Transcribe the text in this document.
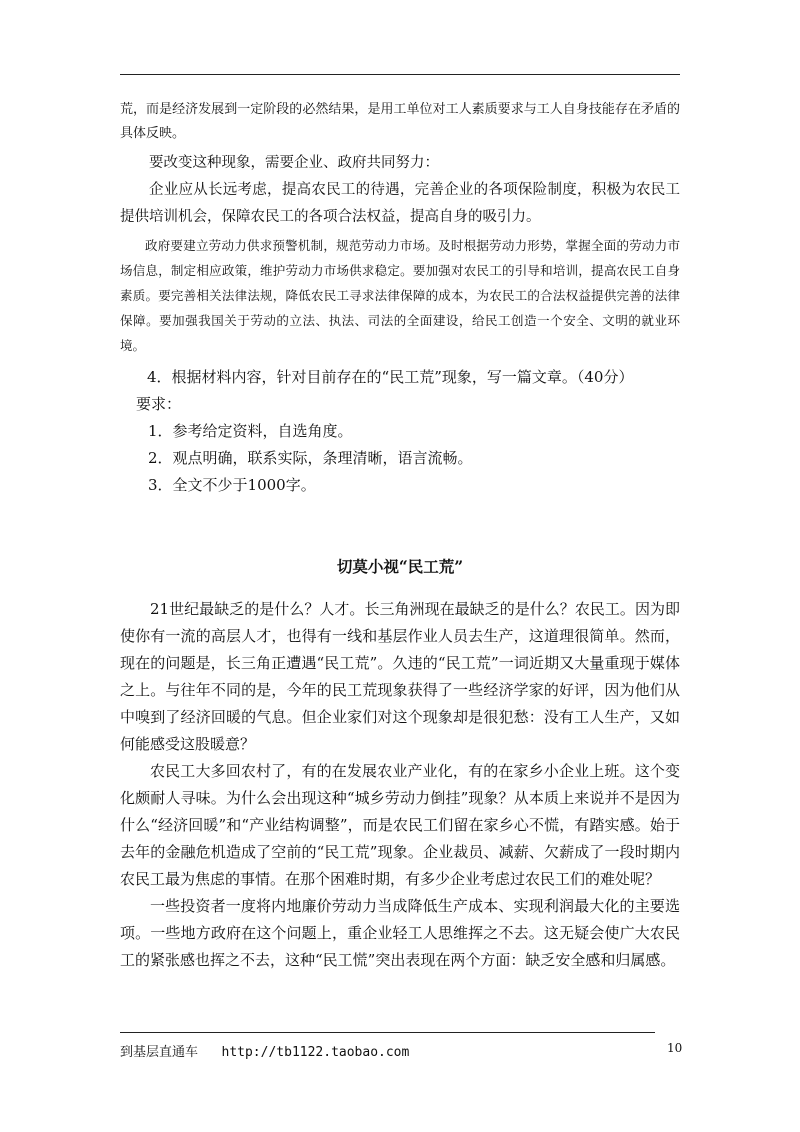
荒，而是经济发展到一定阶段的必然结果，是用工单位对工人素质要求与工人自身技能存在矛盾的具体反映。

要改变这种现象，需要企业、政府共同努力：

企业应从长远考虑，提高农民工的待遇，完善企业的各项保险制度，积极为农民工提供培训机会，保障农民工的各项合法权益，提高自身的吸引力。

政府要建立劳动力供求预警机制，规范劳动力市场。及时根据劳动力形势，掌握全面的劳动力市场信息，制定相应政策，维护劳动力市场供求稳定。要加强对农民工的引导和培训，提高农民工自身素质。要完善相关法律法规，降低农民工寻求法律保障的成本，为农民工的合法权益提供完善的法律保障。要加强我国关于劳动的立法、执法、司法的全面建设，给民工创造一个安全、文明的就业环境。

4．根据材料内容，针对目前存在的“民工荒”现象，写一篇文章。（40分）

要求：

1．参考给定资料，自选角度。

2．观点明确，联系实际，条理清晰，语言流畅。

3．全文不少于1000字。

切莫小视“民工荒”

21世纪最缺乏的是什么？人才。长三角洲现在最缺乏的是什么？农民工。因为即使你有一流的高层人才，也得有一线和基层作业人员去生产，这道理很简单。然而，现在的问题是，长三角正遭遇“民工荒”。久违的“民工荒”一词近期又大量重现于媒体之上。与往年不同的是，今年的民工荒现象获得了一些经济学家的好评，因为他们从中嗅到了经济回暖的气息。但企业家们对这个现象却是很犯愁：没有工人生产，又如何能感受这股暖意？

农民工大多回农村了，有的在发展农业产业化，有的在家乡小企业上班。这个变化颇耐人寻味。为什么会出现这种“城乡劳动力倒挂”现象？从本质上来说并不是因为什么“经济回暖”和“产业结构调整”，而是农民工们留在家乡心不慌，有踏实感。始于去年的金融危机造成了空前的“民工荒”现象。企业裁员、减薪、欠薪成了一段时期内农民工最为焦虑的事情。在那个困难时期，有多少企业考虑过农民工们的难处呢？

一些投资者一度将内地廉价劳动力当成降低生产成本、实现利润最大化的主要选项。一些地方政府在这个问题上，重企业轻工人思维挥之不去。这无疑会使广大农民工的紧张感也挥之不去，这种“民工慌”突出表现在两个方面：缺乏安全感和归属感。

到基层直通车 http://tb1122.taobao.com	10
